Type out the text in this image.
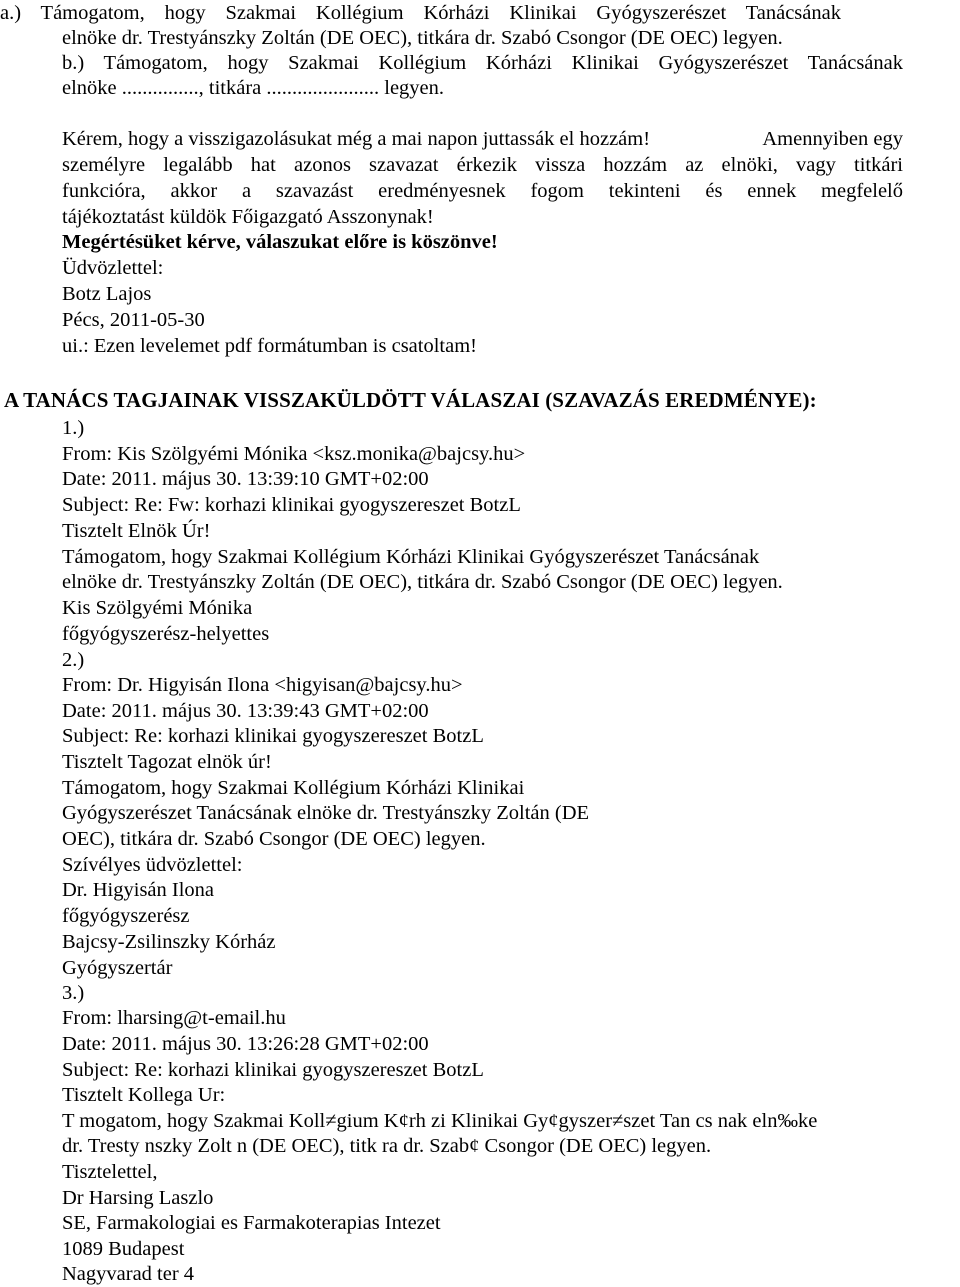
a.) Támogatom, hogy Szakmai Kollégium Kórházi Klinikai Gyógyszerészet Tanácsának
elnöke dr. Trestyánszky Zoltán (DE OEC), titkára dr. Szabó Csongor (DE OEC) legyen.
b.) Támogatom, hogy Szakmai Kollégium Kórházi Klinikai Gyógyszerészet Tanácsának
elnöke ..............., titkára ...................... legyen.
Kérem, hogy a visszigazolásukat még a mai napon juttassák el hozzám!	Amennyiben egy
személyre legalább hat azonos szavazat érkezik vissza hozzám az elnöki, vagy titkári
funkcióra, akkor a szavazást eredményesnek fogom tekinteni és ennek megfelelő
tájékoztatást küldök Főigazgató Asszonynak!
Megértésüket kérve, válaszukat előre is köszönve!
Üdvözlettel:
Botz Lajos
Pécs, 2011-05-30
ui.: Ezen levelemet pdf formátumban is csatoltam!
A TANÁCS TAGJAINAK VISSZAKÜLDÖTT VÁLASZAI (SZAVAZÁS EREDMÉNYE):
1.)
From: Kis Szölgyémi Mónika <ksz.monika@bajcsy.hu>
Date: 2011. május 30. 13:39:10 GMT+02:00
Subject: Re: Fw: korhazi klinikai gyogyszereszet BotzL
Tisztelt Elnök Úr!
Támogatom, hogy Szakmai Kollégium Kórházi Klinikai Gyógyszerészet Tanácsának
elnöke dr. Trestyánszky Zoltán (DE OEC), titkára dr. Szabó Csongor (DE OEC) legyen.
Kis Szölgyémi Mónika
főgyógyszerész-helyettes
2.)
From: Dr. Higyisán Ilona <higyisan@bajcsy.hu>
Date: 2011. május 30. 13:39:43 GMT+02:00
Subject: Re: korhazi klinikai gyogyszereszet BotzL
Tisztelt Tagozat elnök úr!
Támogatom, hogy Szakmai Kollégium Kórházi Klinikai
Gyógyszerészet Tanácsának elnöke dr. Trestyánszky Zoltán (DE
OEC), titkára dr. Szabó Csongor (DE OEC) legyen.
Szívélyes üdvözlettel:
Dr. Higyisán Ilona
főgyógyszerész
Bajcsy-Zsilinszky Kórház
Gyógyszertár
3.)
From: lharsing@t-email.hu
Date: 2011. május 30. 13:26:28 GMT+02:00
Subject: Re: korhazi klinikai gyogyszereszet BotzL
Tisztelt Kollega Ur:
T mogatom, hogy Szakmai Koll≠gium K¢rh zi Klinikai Gy¢gyszer≠szet Tan cs nak eln‰ke
dr. Tresty nszky Zolt n (DE OEC), titk ra dr. Szab¢ Csongor (DE OEC) legyen.
Tisztelettel,
Dr Harsing Laszlo
SE, Farmakologiai es Farmakoterapias Intezet
1089 Budapest
Nagyvarad ter 4
